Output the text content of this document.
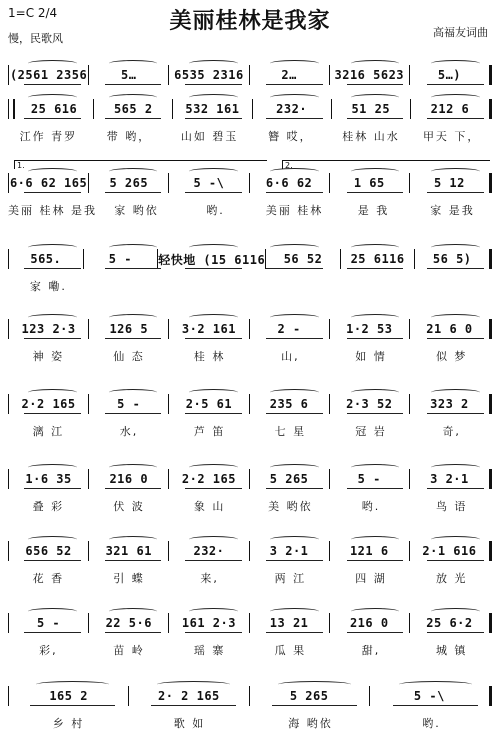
1=C 2/4
慢，民歌风
美丽桂林是我家	高福友词曲
(2561 2356	5…	6535 2316	2…	3216 5623	5…)
25 616	565 2	532 161	232·	51 25	212 6
江作 青罗	带 哟，	山如 碧玉	簪 哎，	桂林 山水	甲天 下，
6·6 62 165	5 265	5 -\	6·6 62	1 65	5 12
美丽 桂林 是我	家 哟依	哟.	美丽 桂林	是 我	家 是我
1.	2.
565.	5 -	轻快地 (15 6116	56 52	25 6116	56 5)
家 嘞.
123 2·3	126 5	3·2 161	2 -	1·2 53	21 6 0
神 姿	仙 态	桂 林	山,	如 情	似 梦
2·2 165	5 -	2·5 61	235 6	2·3 52	323 2
漓 江	水,	芦 笛	七 星	冠 岩	奇,
1·6 35	216 0	2·2 165	5 265	5 -	3 2·1
叠 彩	伏 波	象 山	美 哟依	哟.	鸟 语
656 52	321 61	232·	3 2·1	121 6	2·1 616
花 香	引 蝶	来,	两 江	四 湖	放 光
5 -	22 5·6	161 2·3	13 21	216 0	25 6·2
彩,	苗 岭	瑶 寨	瓜 果	甜,	城 镇
165 2	2· 2 165	5 265	5 -\
乡 村	歌 如	海 哟依	哟.
